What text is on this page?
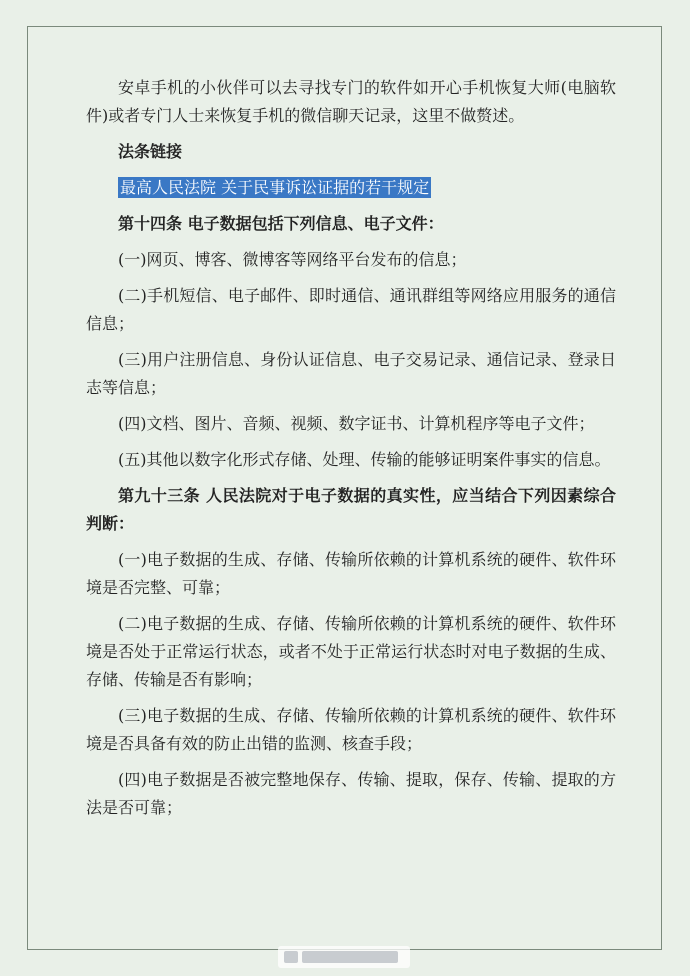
安卓手机的小伙伴可以去寻找专门的软件如开心手机恢复大师(电脑软件)或者专门人士来恢复手机的微信聊天记录，这里不做赘述。

法条链接

最高人民法院 关于民事诉讼证据的若干规定

第十四条 电子数据包括下列信息、电子文件：

(一)网页、博客、微博客等网络平台发布的信息；

(二)手机短信、电子邮件、即时通信、通讯群组等网络应用服务的通信信息；

(三)用户注册信息、身份认证信息、电子交易记录、通信记录、登录日志等信息；

(四)文档、图片、音频、视频、数字证书、计算机程序等电子文件；

(五)其他以数字化形式存储、处理、传输的能够证明案件事实的信息。

第九十三条 人民法院对于电子数据的真实性，应当结合下列因素综合判断：

(一)电子数据的生成、存储、传输所依赖的计算机系统的硬件、软件环境是否完整、可靠；

(二)电子数据的生成、存储、传输所依赖的计算机系统的硬件、软件环境是否处于正常运行状态，或者不处于正常运行状态时对电子数据的生成、存储、传输是否有影响；

(三)电子数据的生成、存储、传输所依赖的计算机系统的硬件、软件环境是否具备有效的防止出错的监测、核查手段；

(四)电子数据是否被完整地保存、传输、提取，保存、传输、提取的方法是否可靠；
